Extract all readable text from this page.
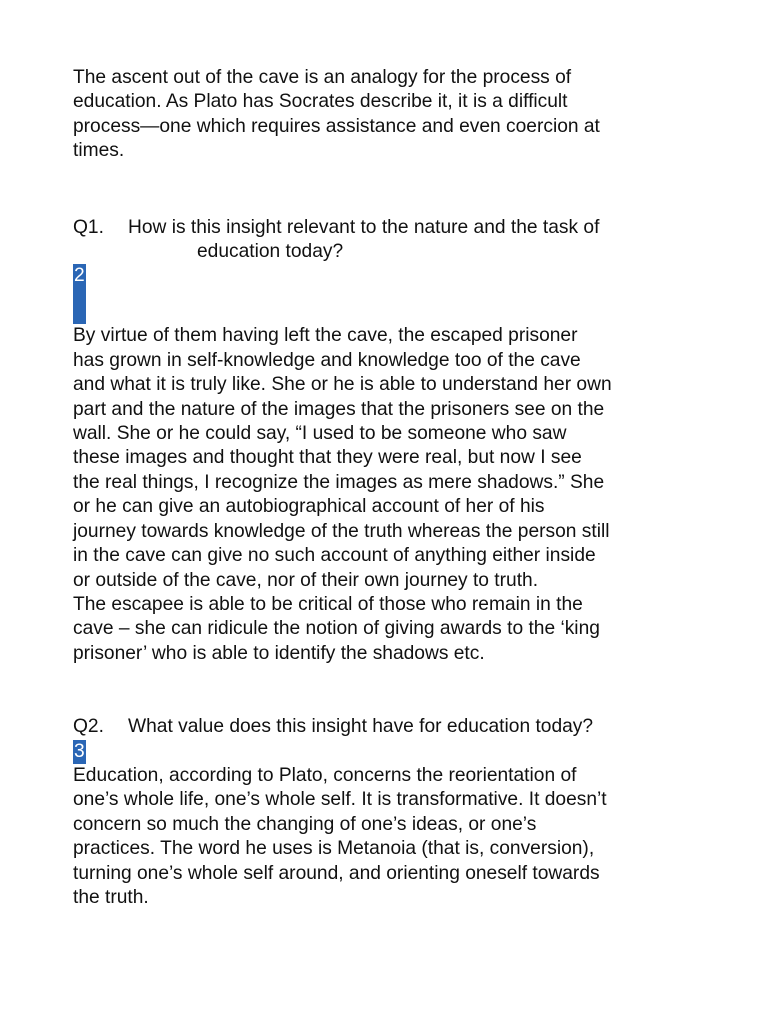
The ascent out of the cave is an analogy for the process of
education. As Plato has Socrates describe it, it is a difficult
process—one which requires assistance and even coercion at
times.

Q1. How is this insight relevant to the nature and the task of
education today?
2

By virtue of them having left the cave, the escaped prisoner
has grown in self-knowledge and knowledge too of the cave
and what it is truly like. She or he is able to understand her own
part and the nature of the images that the prisoners see on the
wall. She or he could say, “I used to be someone who saw
these images and thought that they were real, but now I see
the real things, I recognize the images as mere shadows.” She
or he can give an autobiographical account of her of his
journey towards knowledge of the truth whereas the person still
in the cave can give no such account of anything either inside
or outside of the cave, nor of their own journey to truth.
The escapee is able to be critical of those who remain in the
cave – she can ridicule the notion of giving awards to the ‘king
prisoner’ who is able to identify the shadows etc.

Q2. What value does this insight have for education today?
3

Education, according to Plato, concerns the reorientation of
one’s whole life, one’s whole self. It is transformative. It doesn’t
concern so much the changing of one’s ideas, or one’s
practices. The word he uses is Metanoia (that is, conversion),
turning one’s whole self around, and orienting oneself towards
the truth.
